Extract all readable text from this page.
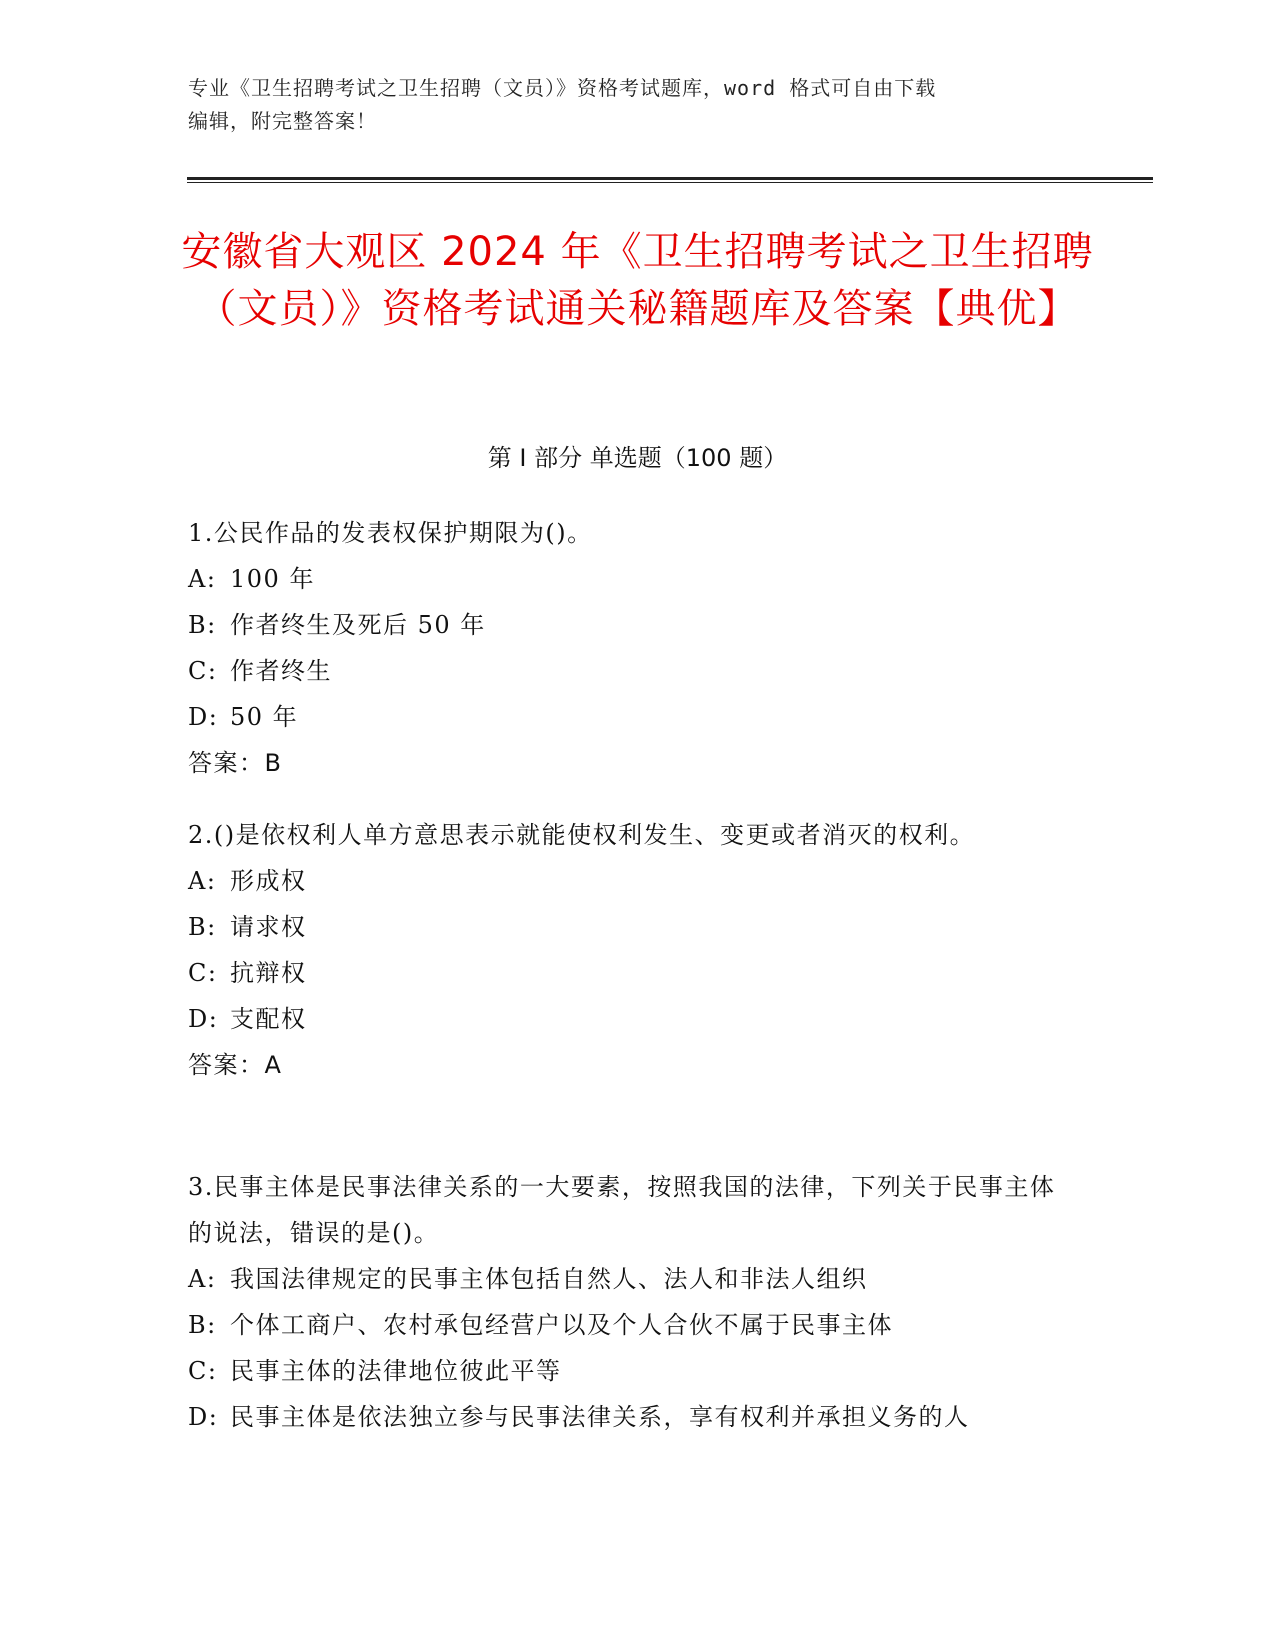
专业《卫生招聘考试之卫生招聘（文员）》资格考试题库，word 格式可自由下载
编辑，附完整答案！
安徽省大观区 2024 年《卫生招聘考试之卫生招聘（文员）》资格考试通关秘籍题库及答案【典优】
第 I 部分 单选题（100 题）
1.公民作品的发表权保护期限为()。
A: 100 年
B: 作者终生及死后 50 年
C: 作者终生
D: 50 年
答案：B
2.()是依权利人单方意思表示就能使权利发生、变更或者消灭的权利。
A: 形成权
B: 请求权
C: 抗辩权
D: 支配权
答案：A
3.民事主体是民事法律关系的一大要素，按照我国的法律，下列关于民事主体的说法，错误的是()。
A: 我国法律规定的民事主体包括自然人、法人和非法人组织
B: 个体工商户、农村承包经营户以及个人合伙不属于民事主体
C: 民事主体的法律地位彼此平等
D: 民事主体是依法独立参与民事法律关系，享有权利并承担义务的人
